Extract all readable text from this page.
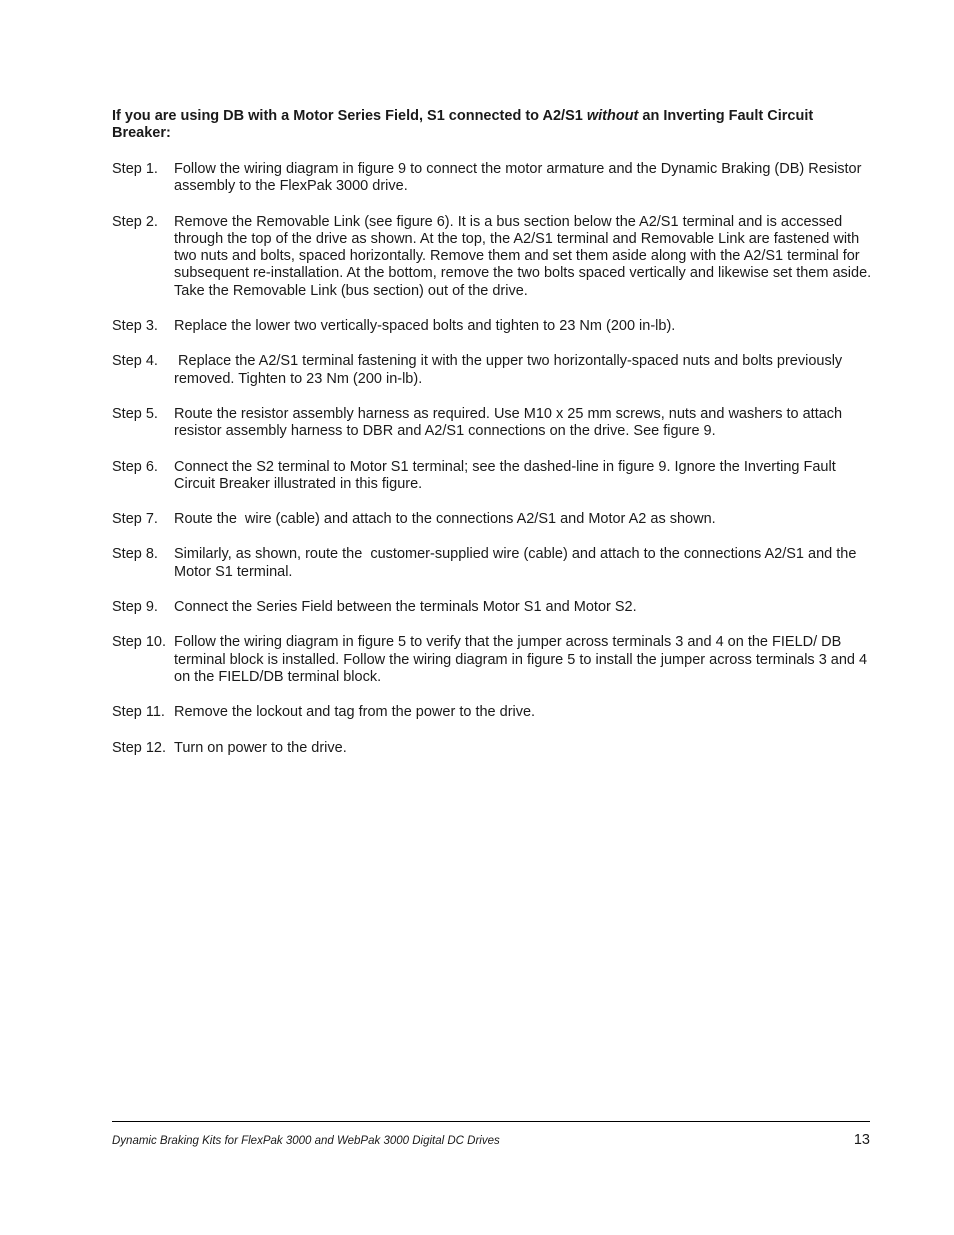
If you are using DB with a Motor Series Field, S1 connected to A2/S1 without an Inverting Fault Circuit Breaker:

Step 1.	Follow the wiring diagram in figure 9 to connect the motor armature and the Dynamic Braking (DB) Resistor assembly to the FlexPak 3000 drive.
Step 2.	Remove the Removable Link (see figure 6). It is a bus section below the A2/S1 terminal and is accessed through the top of the drive as shown. At the top, the A2/S1 terminal and Removable Link are fastened with two nuts and bolts, spaced horizontally. Remove them and set them aside along with the A2/S1 terminal for subsequent re-installation. At the bottom, remove the two bolts spaced vertically and likewise set them aside. Take the Removable Link (bus section) out of the drive.
Step 3.	Replace the lower two vertically-spaced bolts and tighten to 23 Nm (200 in-lb).
Step 4.	Replace the A2/S1 terminal fastening it with the upper two horizontally-spaced nuts and bolts previously removed. Tighten to 23 Nm (200 in-lb).
Step 5.	Route the resistor assembly harness as required. Use M10 x 25 mm screws, nuts and washers to attach resistor assembly harness to DBR and A2/S1 connections on the drive. See figure 9.
Step 6.	Connect the S2 terminal to Motor S1 terminal; see the dashed-line in figure 9. Ignore the Inverting Fault Circuit Breaker illustrated in this figure.
Step 7.	Route the  wire (cable) and attach to the connections A2/S1 and Motor A2 as shown.
Step 8.	Similarly, as shown, route the  customer-supplied wire (cable) and attach to the connections A2/S1 and the Motor S1 terminal.
Step 9.	Connect the Series Field between the terminals Motor S1 and Motor S2.
Step 10. Follow the wiring diagram in figure 5 to verify that the jumper across terminals 3 and 4 on the FIELD/ DB terminal block is installed. Follow the wiring diagram in figure 5 to install the jumper across terminals 3 and 4 on the FIELD/DB terminal block.
Step 11. Remove the lockout and tag from the power to the drive.
Step 12. Turn on power to the drive.
Dynamic Braking Kits for FlexPak 3000 and WebPak 3000 Digital DC Drives	13
